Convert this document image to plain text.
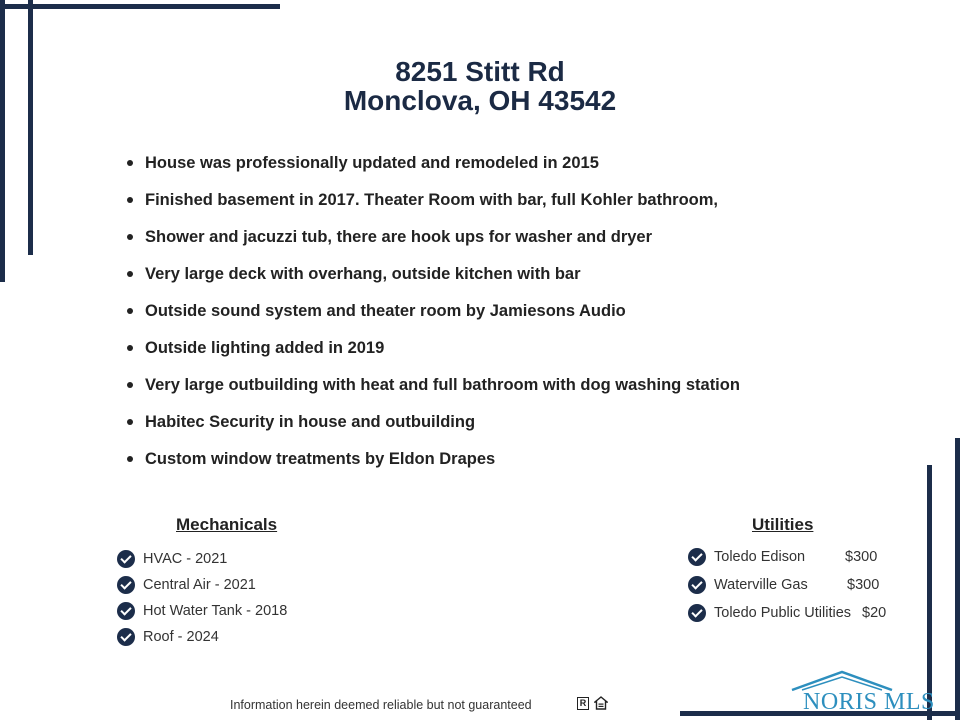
8251 Stitt Rd
Monclova, OH 43542
House was professionally updated and remodeled in 2015
Finished basement in 2017. Theater Room with bar, full Kohler bathroom,
Shower and jacuzzi tub, there are hook ups for washer and dryer
Very large deck with overhang, outside kitchen with bar
Outside sound system and theater room by Jamiesons Audio
Outside lighting added in 2019
Very large outbuilding with heat and full bathroom with dog washing station
Habitec Security in house and outbuilding
Custom window treatments by Eldon Drapes
Mechanicals
HVAC - 2021
Central Air - 2021
Hot Water Tank - 2018
Roof - 2024
Utilities
Toledo Edison	$300
Waterville Gas	$300
Toledo Public Utilities $20

Information herein deemed reliable but not guaranteed	R	NORIS MLS
